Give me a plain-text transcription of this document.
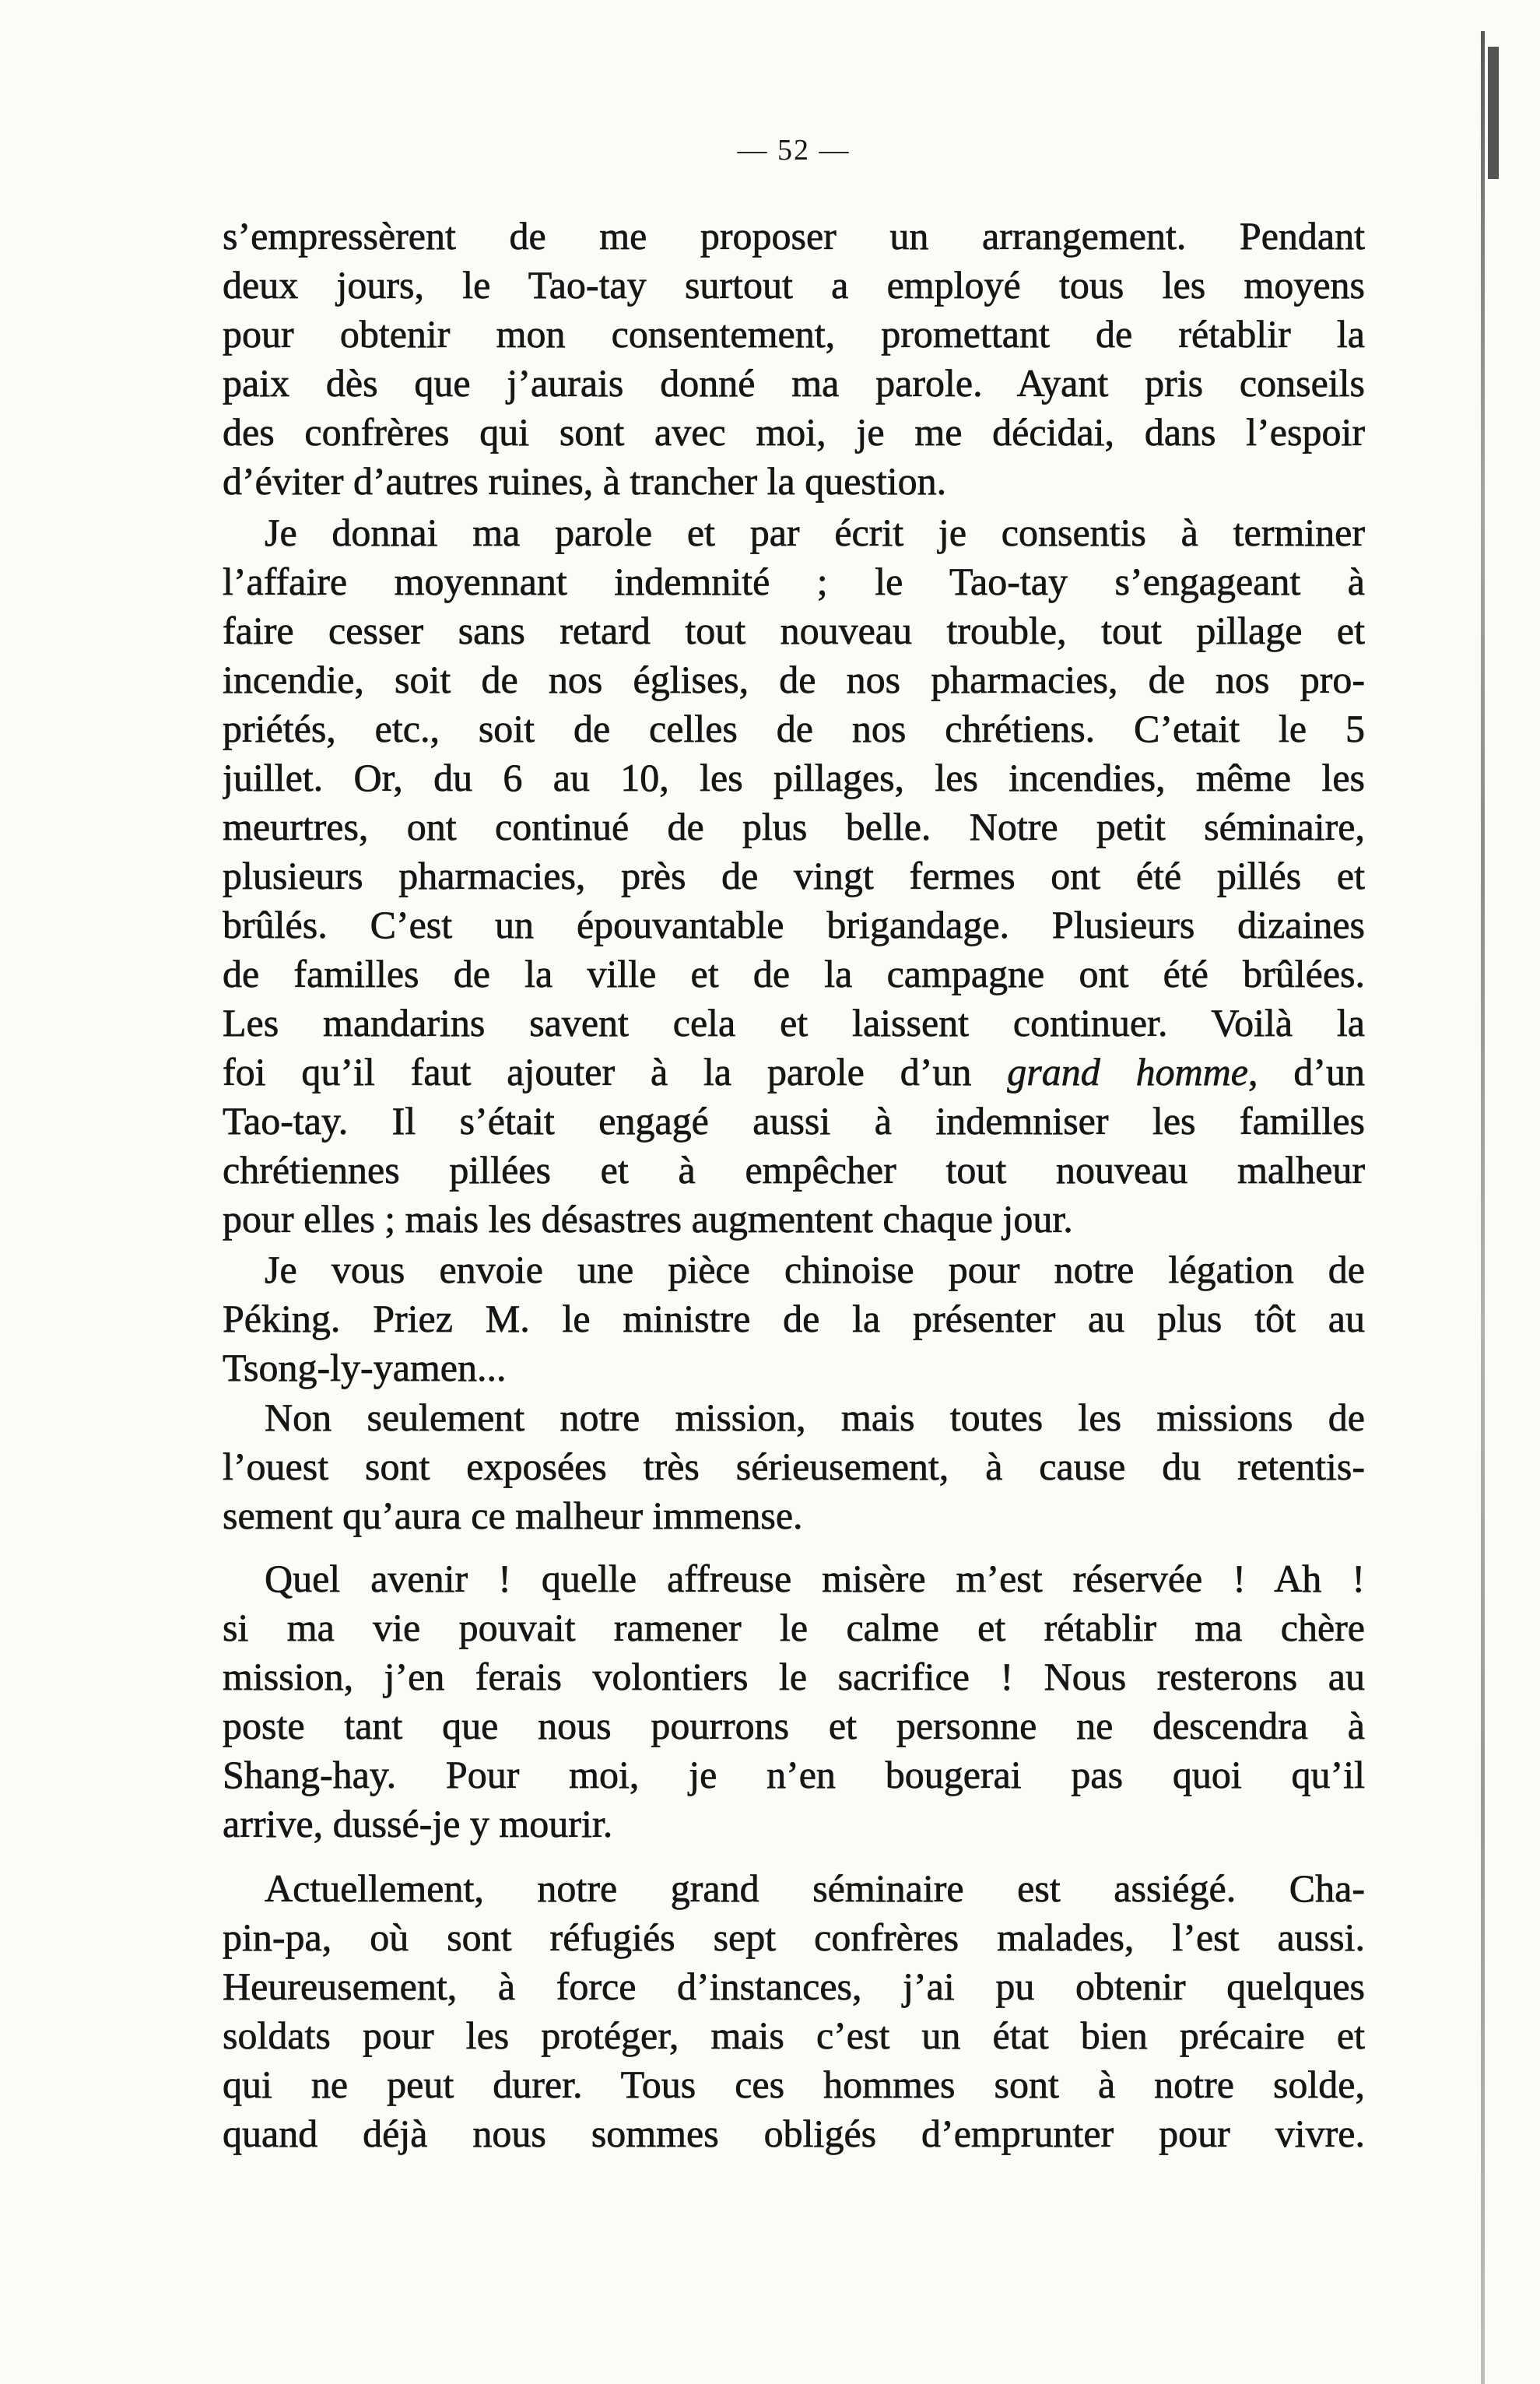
— 52 —
s’empressèrent de me proposer un arrangement. Pendant
deux jours, le Tao-tay surtout a employé tous les moyens
pour obtenir mon consentement, promettant de rétablir la
paix dès que j’aurais donné ma parole. Ayant pris conseils
des confrères qui sont avec moi, je me décidai, dans l’espoir
d’éviter d’autres ruines, à trancher la question.
Je donnai ma parole et par écrit je consentis à terminer
l’affaire moyennant indemnité ; le Tao-tay s’engageant à
faire cesser sans retard tout nouveau trouble, tout pillage et
incendie, soit de nos églises, de nos pharmacies, de nos pro-
priétés, etc., soit de celles de nos chrétiens. C’etait le 5
juillet. Or, du 6 au 10, les pillages, les incendies, même les
meurtres, ont continué de plus belle. Notre petit séminaire,
plusieurs pharmacies, près de vingt fermes ont été pillés et
brûlés. C’est un épouvantable brigandage. Plusieurs dizaines
de familles de la ville et de la campagne ont été brûlées.
Les mandarins savent cela et laissent continuer. Voilà la
foi qu’il faut ajouter à la parole d’un grand homme, d’un
Tao-tay. Il s’était engagé aussi à indemniser les familles
chrétiennes pillées et à empêcher tout nouveau malheur
pour elles ; mais les désastres augmentent chaque jour.
Je vous envoie une pièce chinoise pour notre légation de
Péking. Priez M. le ministre de la présenter au plus tôt au
Tsong-ly-yamen...
Non seulement notre mission, mais toutes les missions de
l’ouest sont exposées très sérieusement, à cause du retentis-
sement qu’aura ce malheur immense.
Quel avenir ! quelle affreuse misère m’est réservée ! Ah !
si ma vie pouvait ramener le calme et rétablir ma chère
mission, j’en ferais volontiers le sacrifice ! Nous resterons au
poste tant que nous pourrons et personne ne descendra à
Shang-hay. Pour moi, je n’en bougerai pas quoi qu’il
arrive, dussé-je y mourir.
Actuellement, notre grand séminaire est assiégé. Cha-
pin-pa, où sont réfugiés sept confrères malades, l’est aussi.
Heureusement, à force d’instances, j’ai pu obtenir quelques
soldats pour les protéger, mais c’est un état bien précaire et
qui ne peut durer. Tous ces hommes sont à notre solde,
quand déjà nous sommes obligés d’emprunter pour vivre.
